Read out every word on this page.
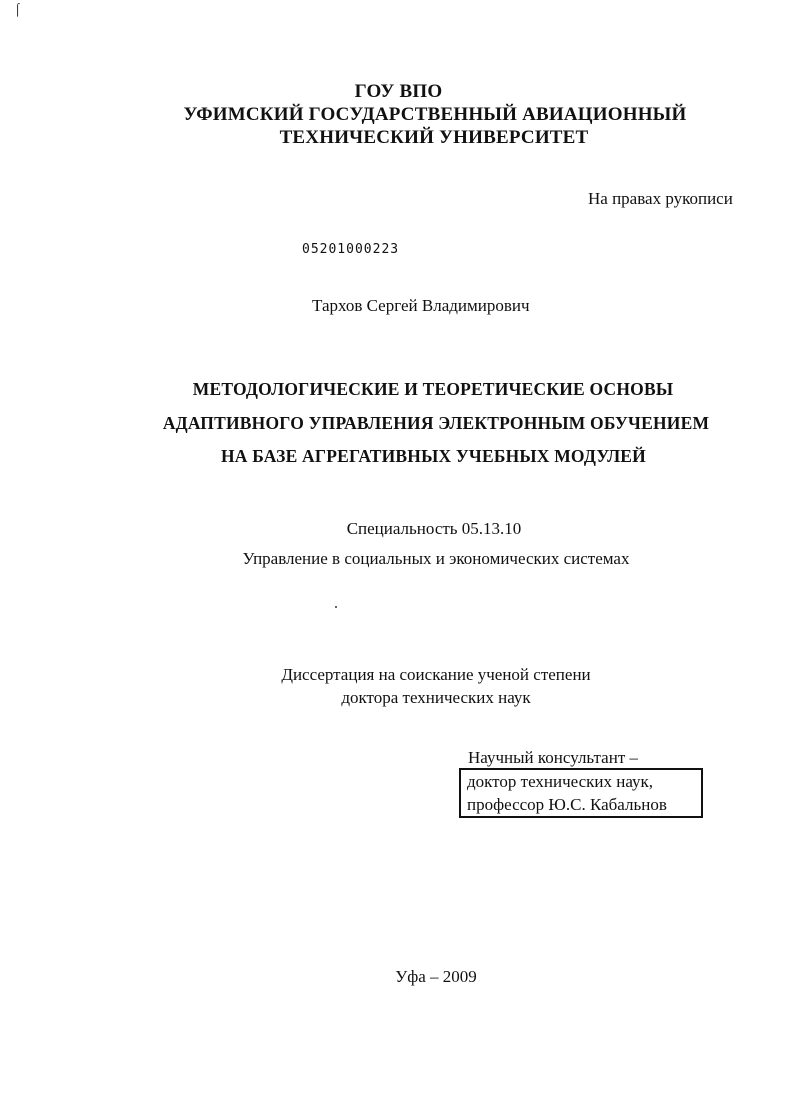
⌠
ГОУ ВПО
УФИМСКИЙ ГОСУДАРСТВЕННЫЙ АВИАЦИОННЫЙ
ТЕХНИЧЕСКИЙ УНИВЕРСИТЕТ
На правах рукописи
05201000223
Тархов Сергей Владимирович
МЕТОДОЛОГИЧЕСКИЕ И ТЕОРЕТИЧЕСКИЕ ОСНОВЫ
АДАПТИВНОГО УПРАВЛЕНИЯ ЭЛЕКТРОННЫМ ОБУЧЕНИЕМ
НА БАЗЕ АГРЕГАТИВНЫХ УЧЕБНЫХ МОДУЛЕЙ
Специальность 05.13.10
Управление в социальных и экономических системах
Диссертация на соискание ученой степени
доктора технических наук
Научный консультант –
доктор технических наук,
профессор Ю.С. Кабальнов
Уфа – 2009
